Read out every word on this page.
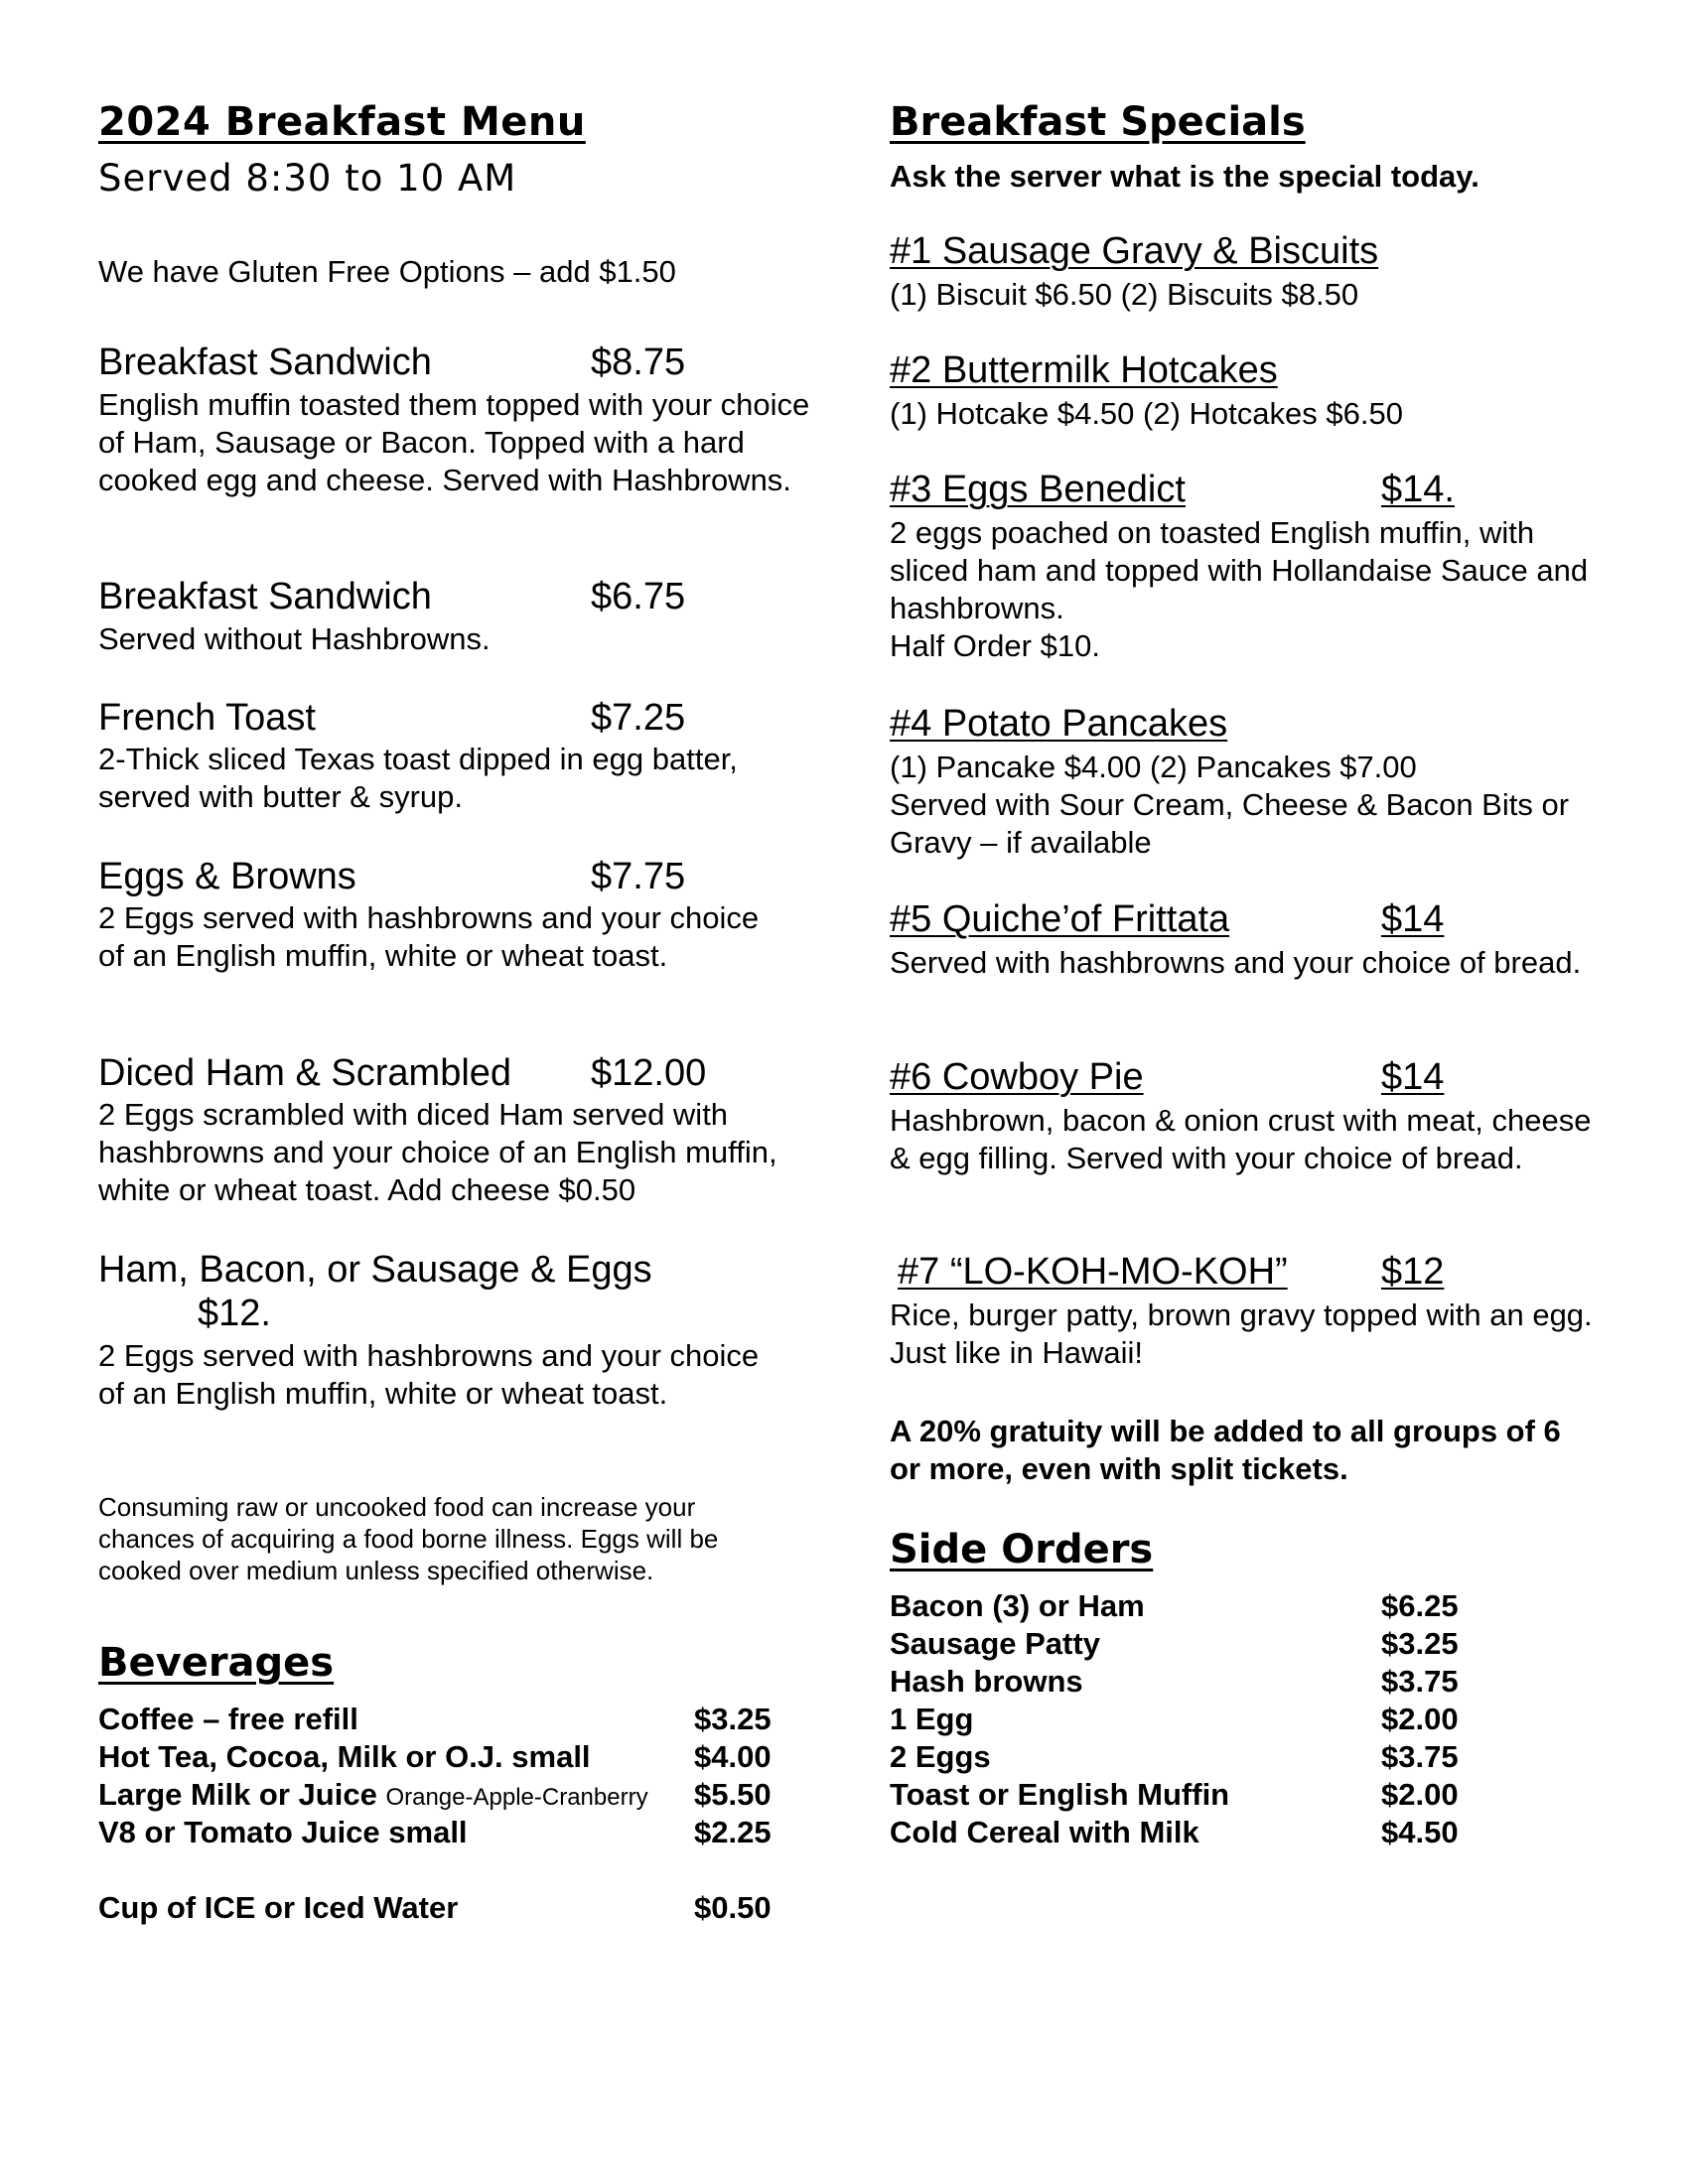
2024 Breakfast Menu
Served 8:30 to 10 AM
We have Gluten Free Options – add $1.50
Breakfast Sandwich	$8.75
English muffin toasted them topped with your choice of Ham, Sausage or Bacon. Topped with a hard cooked egg and cheese. Served with Hashbrowns.
Breakfast Sandwich	$6.75
Served without Hashbrowns.
French Toast	$7.25
2-Thick sliced Texas toast dipped in egg batter, served with butter & syrup.
Eggs & Browns	$7.75
2 Eggs served with hashbrowns and your choice of an English muffin, white or wheat toast.
Diced Ham & Scrambled $12.00
2 Eggs scrambled with diced Ham served with hashbrowns and your choice of an English muffin, white or wheat toast. Add cheese $0.50
Ham, Bacon, or Sausage & Eggs
$12.
2 Eggs served with hashbrowns and your choice of an English muffin, white or wheat toast.
Consuming raw or uncooked food can increase your chances of acquiring a food borne illness. Eggs will be cooked over medium unless specified otherwise.
Beverages
Coffee – free refill	$3.25
Hot Tea, Cocoa, Milk or O.J. small	$4.00
Large Milk or Juice Orange-Apple-Cranberry $5.50
V8 or Tomato Juice small	$2.25
Cup of ICE or Iced Water	$0.50
Breakfast Specials
Ask the server what is the special today.
#1 Sausage Gravy & Biscuits
(1) Biscuit $6.50 (2) Biscuits $8.50
#2 Buttermilk Hotcakes
(1) Hotcake $4.50 (2) Hotcakes $6.50
#3 Eggs Benedict	$14.
2 eggs poached on toasted English muffin, with sliced ham and topped with Hollandaise Sauce and hashbrowns.
Half Order $10.
#4 Potato Pancakes
(1) Pancake $4.00 (2) Pancakes $7.00
Served with Sour Cream, Cheese & Bacon Bits or Gravy – if available
#5 Quiche’of Frittata	$14
Served with hashbrowns and your choice of bread.
#6 Cowboy Pie	$14
Hashbrown, bacon & onion crust with meat, cheese & egg filling. Served with your choice of bread.
#7 “LO-KOH-MO-KOH” $12
Rice, burger patty, brown gravy topped with an egg. Just like in Hawaii!
A 20% gratuity will be added to all groups of 6 or more, even with split tickets.
Side Orders
Bacon (3) or Ham	$6.25
Sausage Patty	$3.25
Hash browns	$3.75
1 Egg	$2.00
2 Eggs	$3.75
Toast or English Muffin	$2.00
Cold Cereal with Milk	$4.50
